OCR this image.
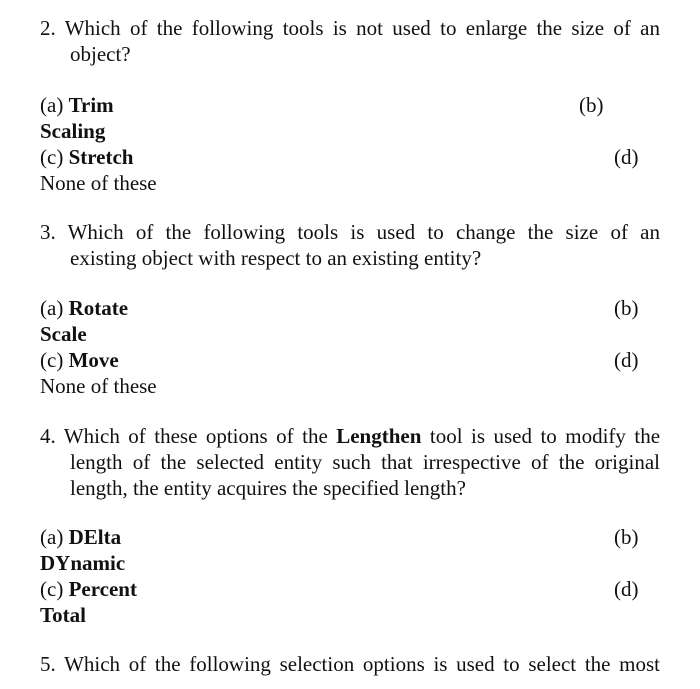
2. Which of the following tools is not used to enlarge the size of an
object?
(a) Trim	(b)
Scaling
(c) Stretch	(d)
None of these
3. Which of the following tools is used to change the size of an
existing object with respect to an existing entity?
(a) Rotate	(b)
Scale
(c) Move	(d)
None of these
4. Which of these options of the Lengthen tool is used to modify the
length of the selected entity such that irrespective of the original
length, the entity acquires the specified length?
(a) DElta	(b)
DYnamic
(c) Percent	(d)
Total
5. Which of the following selection options is used to select the most
